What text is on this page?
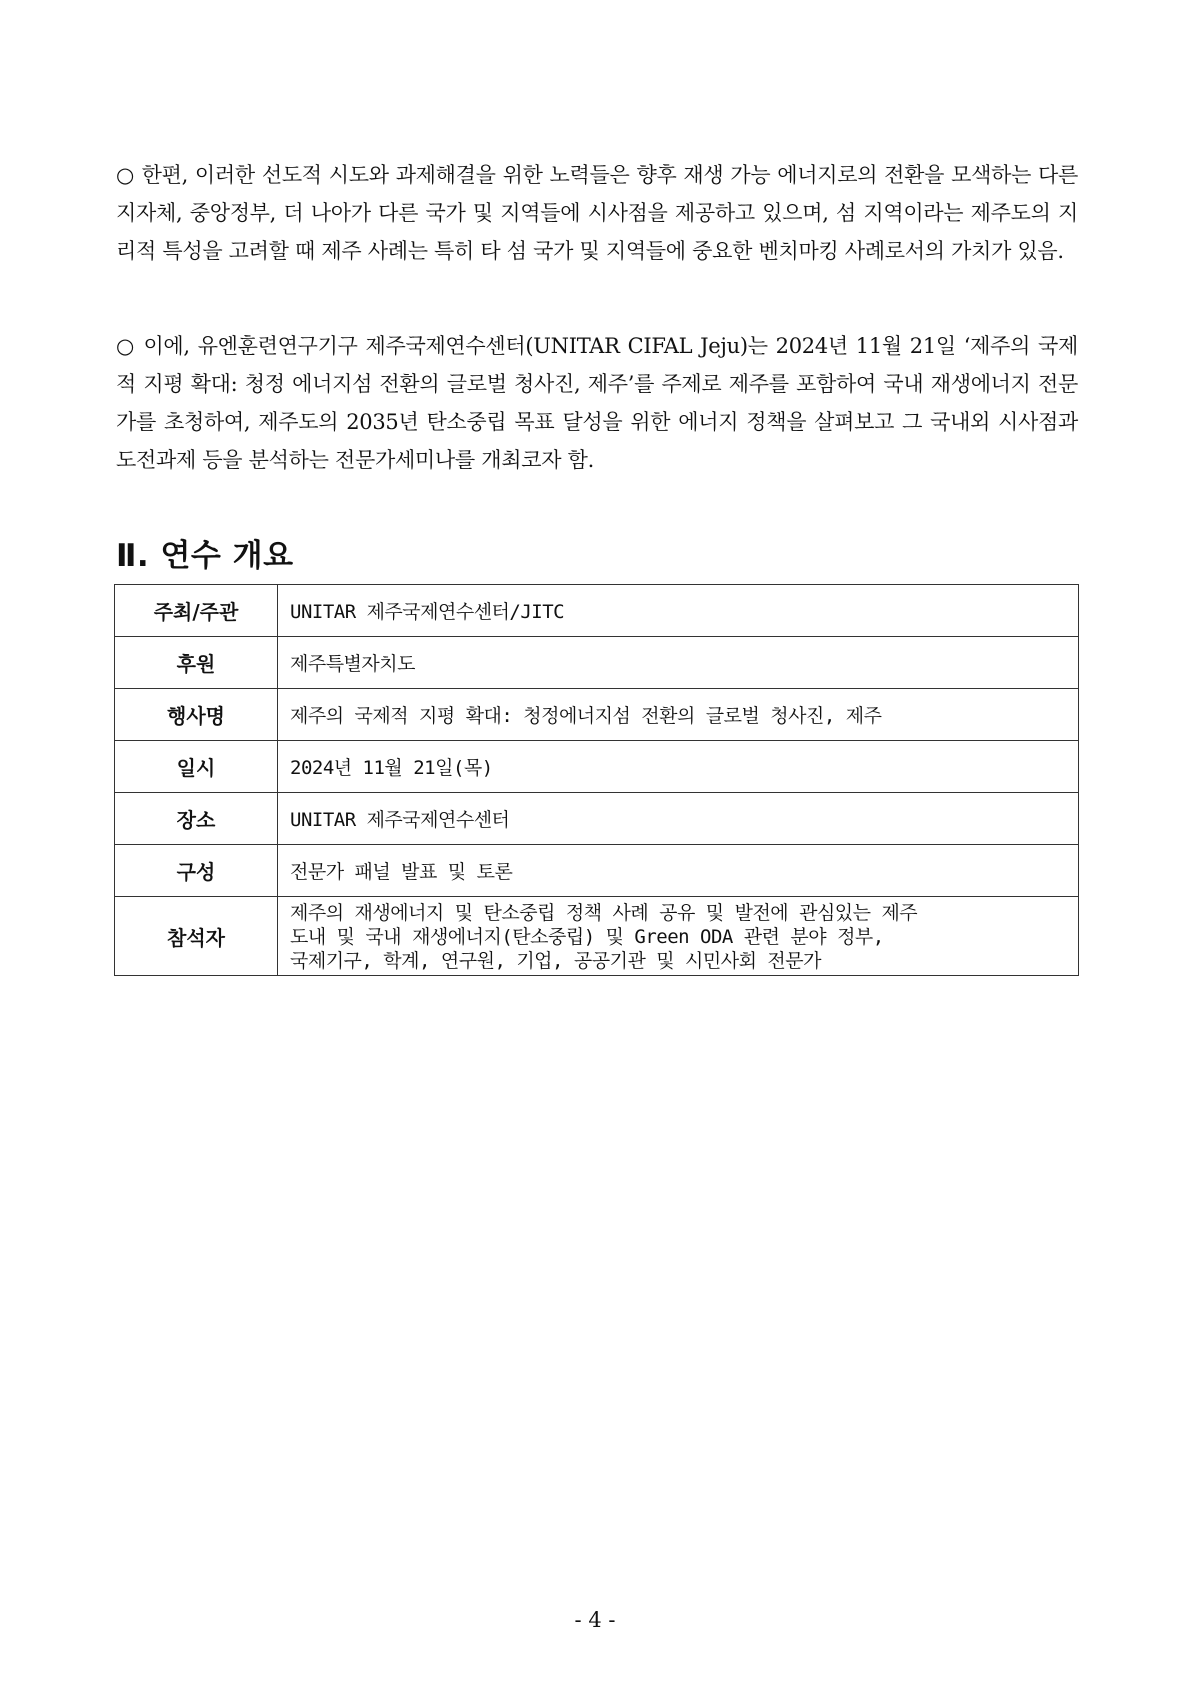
○ 한편, 이러한 선도적 시도와 과제해결을 위한 노력들은 향후 재생 가능 에너지로의 전환을 모색하는 다른 지자체, 중앙정부, 더 나아가 다른 국가 및 지역들에 시사점을 제공하고 있으며, 섬 지역이라는 제주도의 지리적 특성을 고려할 때 제주 사례는 특히 타 섬 국가 및 지역들에 중요한 벤치마킹 사례로서의 가치가 있음.

○ 이에, 유엔훈련연구기구 제주국제연수센터(UNITAR CIFAL Jeju)는 2024년 11월 21일 ‘제주의 국제적 지평 확대: 청정 에너지섬 전환의 글로벌 청사진, 제주’를 주제로 제주를 포함하여 국내 재생에너지 전문가를 초청하여, 제주도의 2035년 탄소중립 목표 달성을 위한 에너지 정책을 살펴보고 그 국내외 시사점과 도전과제 등을 분석하는 전문가세미나를 개최코자 함.

Ⅱ. 연수 개요
주최/주관	UNITAR 제주국제연수센터/JITC
후원	제주특별자치도
행사명	제주의 국제적 지평 확대: 청정에너지섬 전환의 글로벌 청사진, 제주
일시	2024년 11월 21일(목)
장소	UNITAR 제주국제연수센터
구성	전문가 패널 발표 및 토론
참석자	제주의 재생에너지 및 탄소중립 정책 사례 공유 및 발전에 관심있는 제주
도내 및 국내 재생에너지(탄소중립) 및 Green ODA 관련 분야 정부,
국제기구, 학계, 연구원, 기업, 공공기관 및 시민사회 전문가
- 4 -
